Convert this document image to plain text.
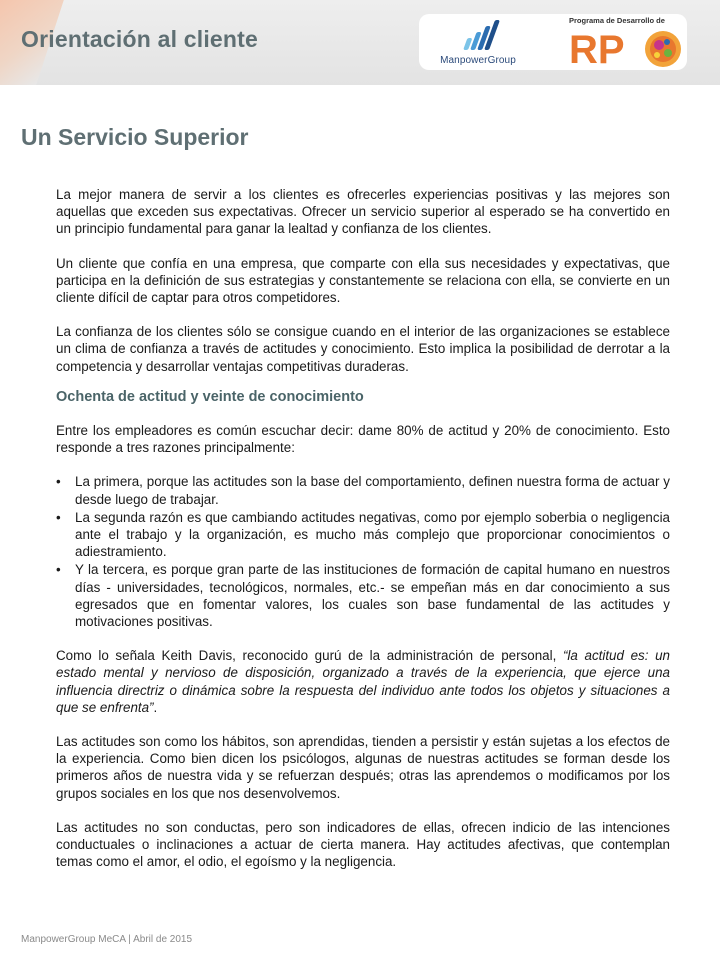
Orientación al cliente
ManpowerGroup
Programa de Desarrollo de
RP
Un Servicio Superior

La mejor manera de servir a los clientes es ofrecerles experiencias positivas y las mejores son aquellas que exceden sus expectativas. Ofrecer un servicio superior al esperado se ha convertido en un principio fundamental para ganar la lealtad y confianza de los clientes.

Un cliente que confía en una empresa, que comparte con ella sus necesidades y expectativas, que participa en la definición de sus estrategias y constantemente se relaciona con ella, se convierte en un cliente difícil de captar para otros competidores.

La confianza de los clientes sólo se consigue cuando en el interior de las organizaciones se establece un clima de confianza a través de actitudes y conocimiento. Esto implica la posibilidad de derrotar a la competencia y desarrollar ventajas competitivas duraderas.

Ochenta de actitud y veinte de conocimiento

Entre los empleadores es común escuchar decir: dame 80% de actitud y 20% de conocimiento. Esto responde a tres razones principalmente:

• La primera, porque las actitudes son la base del comportamiento, definen nuestra forma de actuar y desde luego de trabajar.
• La segunda razón es que cambiando actitudes negativas, como por ejemplo soberbia o negligencia ante el trabajo y la organización, es mucho más complejo que proporcionar conocimientos o adiestramiento.
• Y la tercera, es porque gran parte de las instituciones de formación de capital humano en nuestros días - universidades, tecnológicos, normales, etc.- se empeñan más en dar conocimiento a sus egresados que en fomentar valores, los cuales son base fundamental de las actitudes y motivaciones positivas.

Como lo señala Keith Davis, reconocido gurú de la administración de personal, “la actitud es: un estado mental y nervioso de disposición, organizado a través de la experiencia, que ejerce una influencia directriz o dinámica sobre la respuesta del individuo ante todos los objetos y situaciones a que se enfrenta”.

Las actitudes son como los hábitos, son aprendidas, tienden a persistir y están sujetas a los efectos de la experiencia. Como bien dicen los psicólogos, algunas de nuestras actitudes se forman desde los primeros años de nuestra vida y se refuerzan después; otras las aprendemos o modificamos por los grupos sociales en los que nos desenvolvemos.

Las actitudes no son conductas, pero son indicadores de ellas, ofrecen indicio de las intenciones conductuales o inclinaciones a actuar de cierta manera. Hay actitudes afectivas, que contemplan temas como el amor, el odio, el egoísmo y la negligencia.

ManpowerGroup MeCA | Abril de 2015
